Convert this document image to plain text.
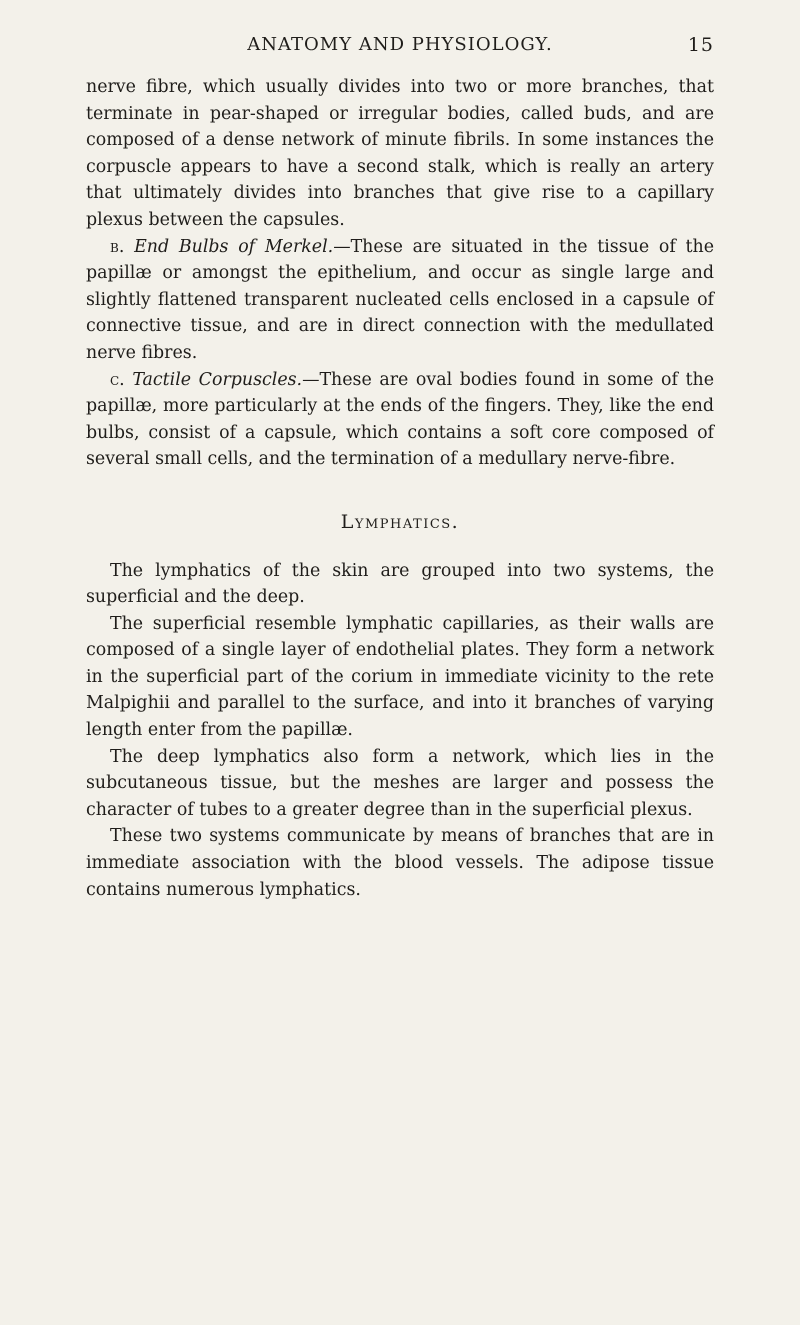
ANATOMY AND PHYSIOLOGY.	15

nerve fibre, which usually divides into two or more branches, that terminate in pear-shaped or irregular bodies, called buds, and are composed of a dense network of minute fibrils. In some instances the corpuscle appears to have a second stalk, which is really an artery that ultimately divides into branches that give rise to a capillary plexus between the capsules.

b. End Bulbs of Merkel.—These are situated in the tissue of the papillæ or amongst the epithelium, and occur as single large and slightly flattened transparent nucleated cells enclosed in a capsule of connective tissue, and are in direct connection with the medullated nerve fibres.

c. Tactile Corpuscles.—These are oval bodies found in some of the papillæ, more particularly at the ends of the fingers. They, like the end bulbs, consist of a capsule, which contains a soft core composed of several small cells, and the termination of a medullary nerve-fibre.

Lymphatics.

The lymphatics of the skin are grouped into two systems, the superficial and the deep.

The superficial resemble lymphatic capillaries, as their walls are composed of a single layer of endothelial plates. They form a network in the superficial part of the corium in immediate vicinity to the rete Malpighii and parallel to the surface, and into it branches of varying length enter from the papillæ.

The deep lymphatics also form a network, which lies in the subcutaneous tissue, but the meshes are larger and possess the character of tubes to a greater degree than in the superficial plexus.

These two systems communicate by means of branches that are in immediate association with the blood vessels. The adipose tissue contains numerous lymphatics.
